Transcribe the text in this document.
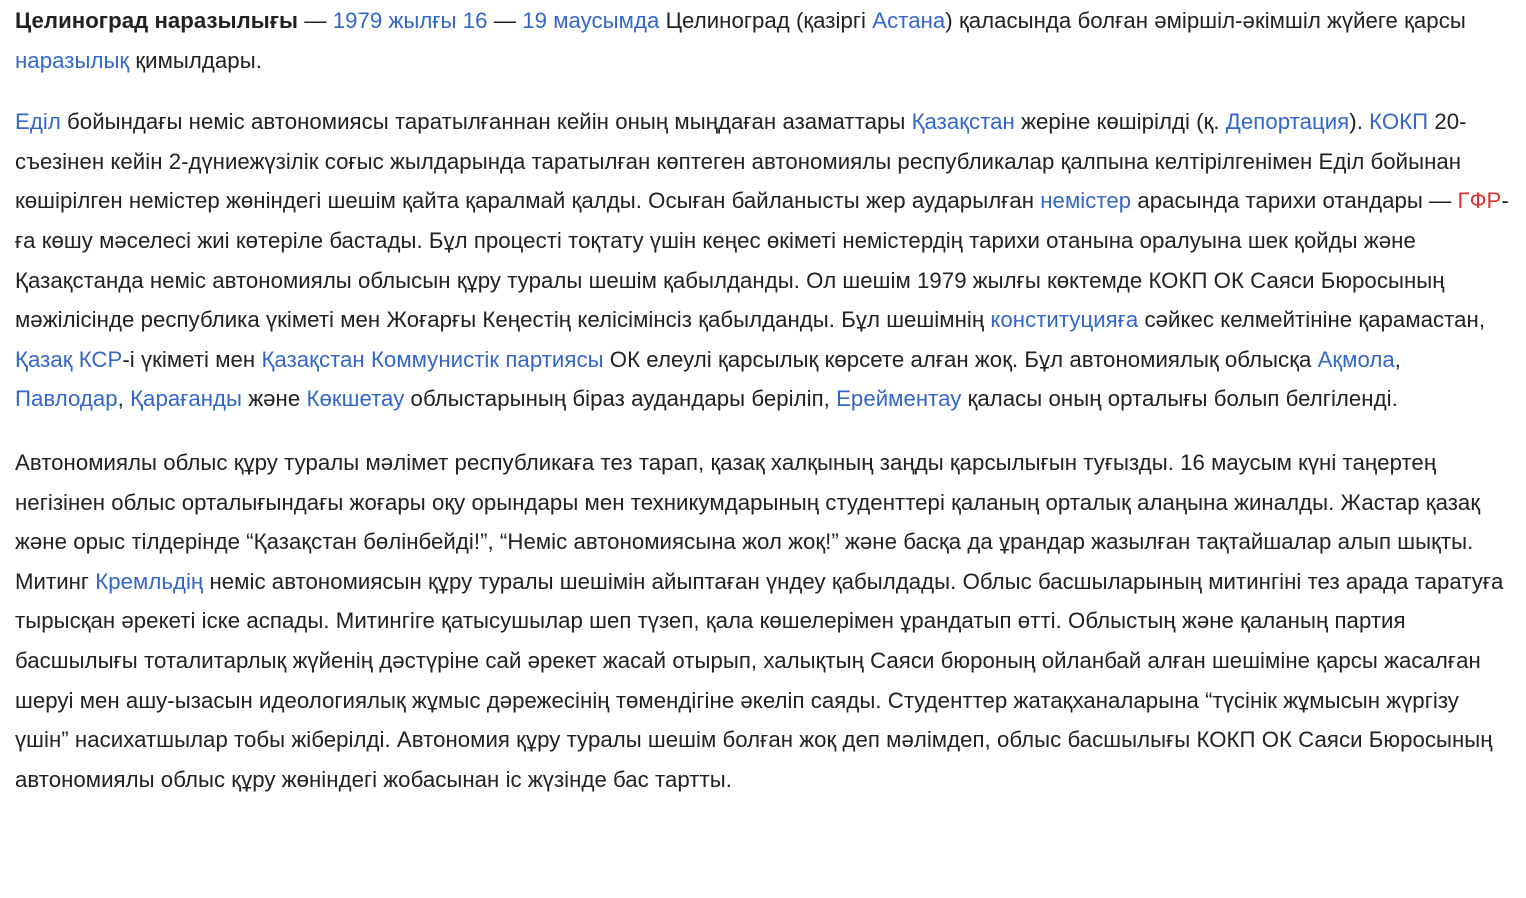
Целиноград наразылығы — 1979 жылғы 16 — 19 маусымда Целиноград (қазіргі Астана) қаласында болған әміршіл-әкімшіл жүйеге қарсы наразылық қимылдары.

Еділ бойындағы неміс автономиясы таратылғаннан кейін оның мыңдаған азаматтары Қазақстан жеріне көшірілді (қ. Депортация). КОКП 20-съезінен кейін 2-дүниежүзілік соғыс жылдарында таратылған көптеген автономиялы республикалар қалпына келтірілгенімен Еділ бойынан көшірілген немістер жөніндегі шешім қайта қаралмай қалды. Осыған байланысты жер аударылған немістер арасында тарихи отандары — ГФР-ға көшу мәселесі жиі көтеріле бастады. Бұл процесті тоқтату үшін кеңес өкіметі немістердің тарихи отанына оралуына шек қойды және Қазақстанда неміс автономиялы облысын құру туралы шешім қабылданды. Ол шешім 1979 жылғы көктемде КОКП ОК Саяси Бюросының мәжілісінде республика үкіметі мен Жоғарғы Кеңестің келісімінсіз қабылданды. Бұл шешімнің конституцияға сәйкес келмейтініне қарамастан, Қазақ КСР-і үкіметі мен Қазақстан Коммунистік партиясы ОК елеулі қарсылық көрсете алған жоқ. Бұл автономиялық облысқа Ақмола, Павлодар, Қарағанды және Көкшетау облыстарының біраз аудандары беріліп, Ерейментау қаласы оның орталығы болып белгіленді.

Автономиялы облыс құру туралы мәлімет республикаға тез тарап, қазақ халқының заңды қарсылығын туғызды. 16 маусым күні таңертең негізінен облыс орталығындағы жоғары оқу орындары мен техникумдарының студенттері қаланың орталық алаңына жиналды. Жастар қазақ және орыс тілдерінде “Қазақстан бөлінбейді!”, “Неміс автономиясына жол жоқ!” және басқа да ұрандар жазылған тақтайшалар алып шықты. Митинг Кремльдің неміс автономиясын құру туралы шешімін айыптаған үндеу қабылдады. Облыс басшыларының митингіні тез арада таратуға тырысқан әрекеті іске аспады. Митингіге қатысушылар шеп түзеп, қала көшелерімен ұрандатып өтті. Облыстың және қаланың партия басшылығы тоталитарлық жүйенің дәстүріне сай әрекет жасай отырып, халықтың Саяси бюроның ойланбай алған шешіміне қарсы жасалған шеруі мен ашу-ызасын идеологиялық жұмыс дәрежесінің төмендігіне әкеліп саяды. Студенттер жатақханаларына “түсінік жұмысын жүргізу үшін” насихатшылар тобы жіберілді. Автономия құру туралы шешім болған жоқ деп мәлімдеп, облыс басшылығы КОКП ОК Саяси Бюросының автономиялы облыс құру жөніндегі жобасынан іс жүзінде бас тартты.
